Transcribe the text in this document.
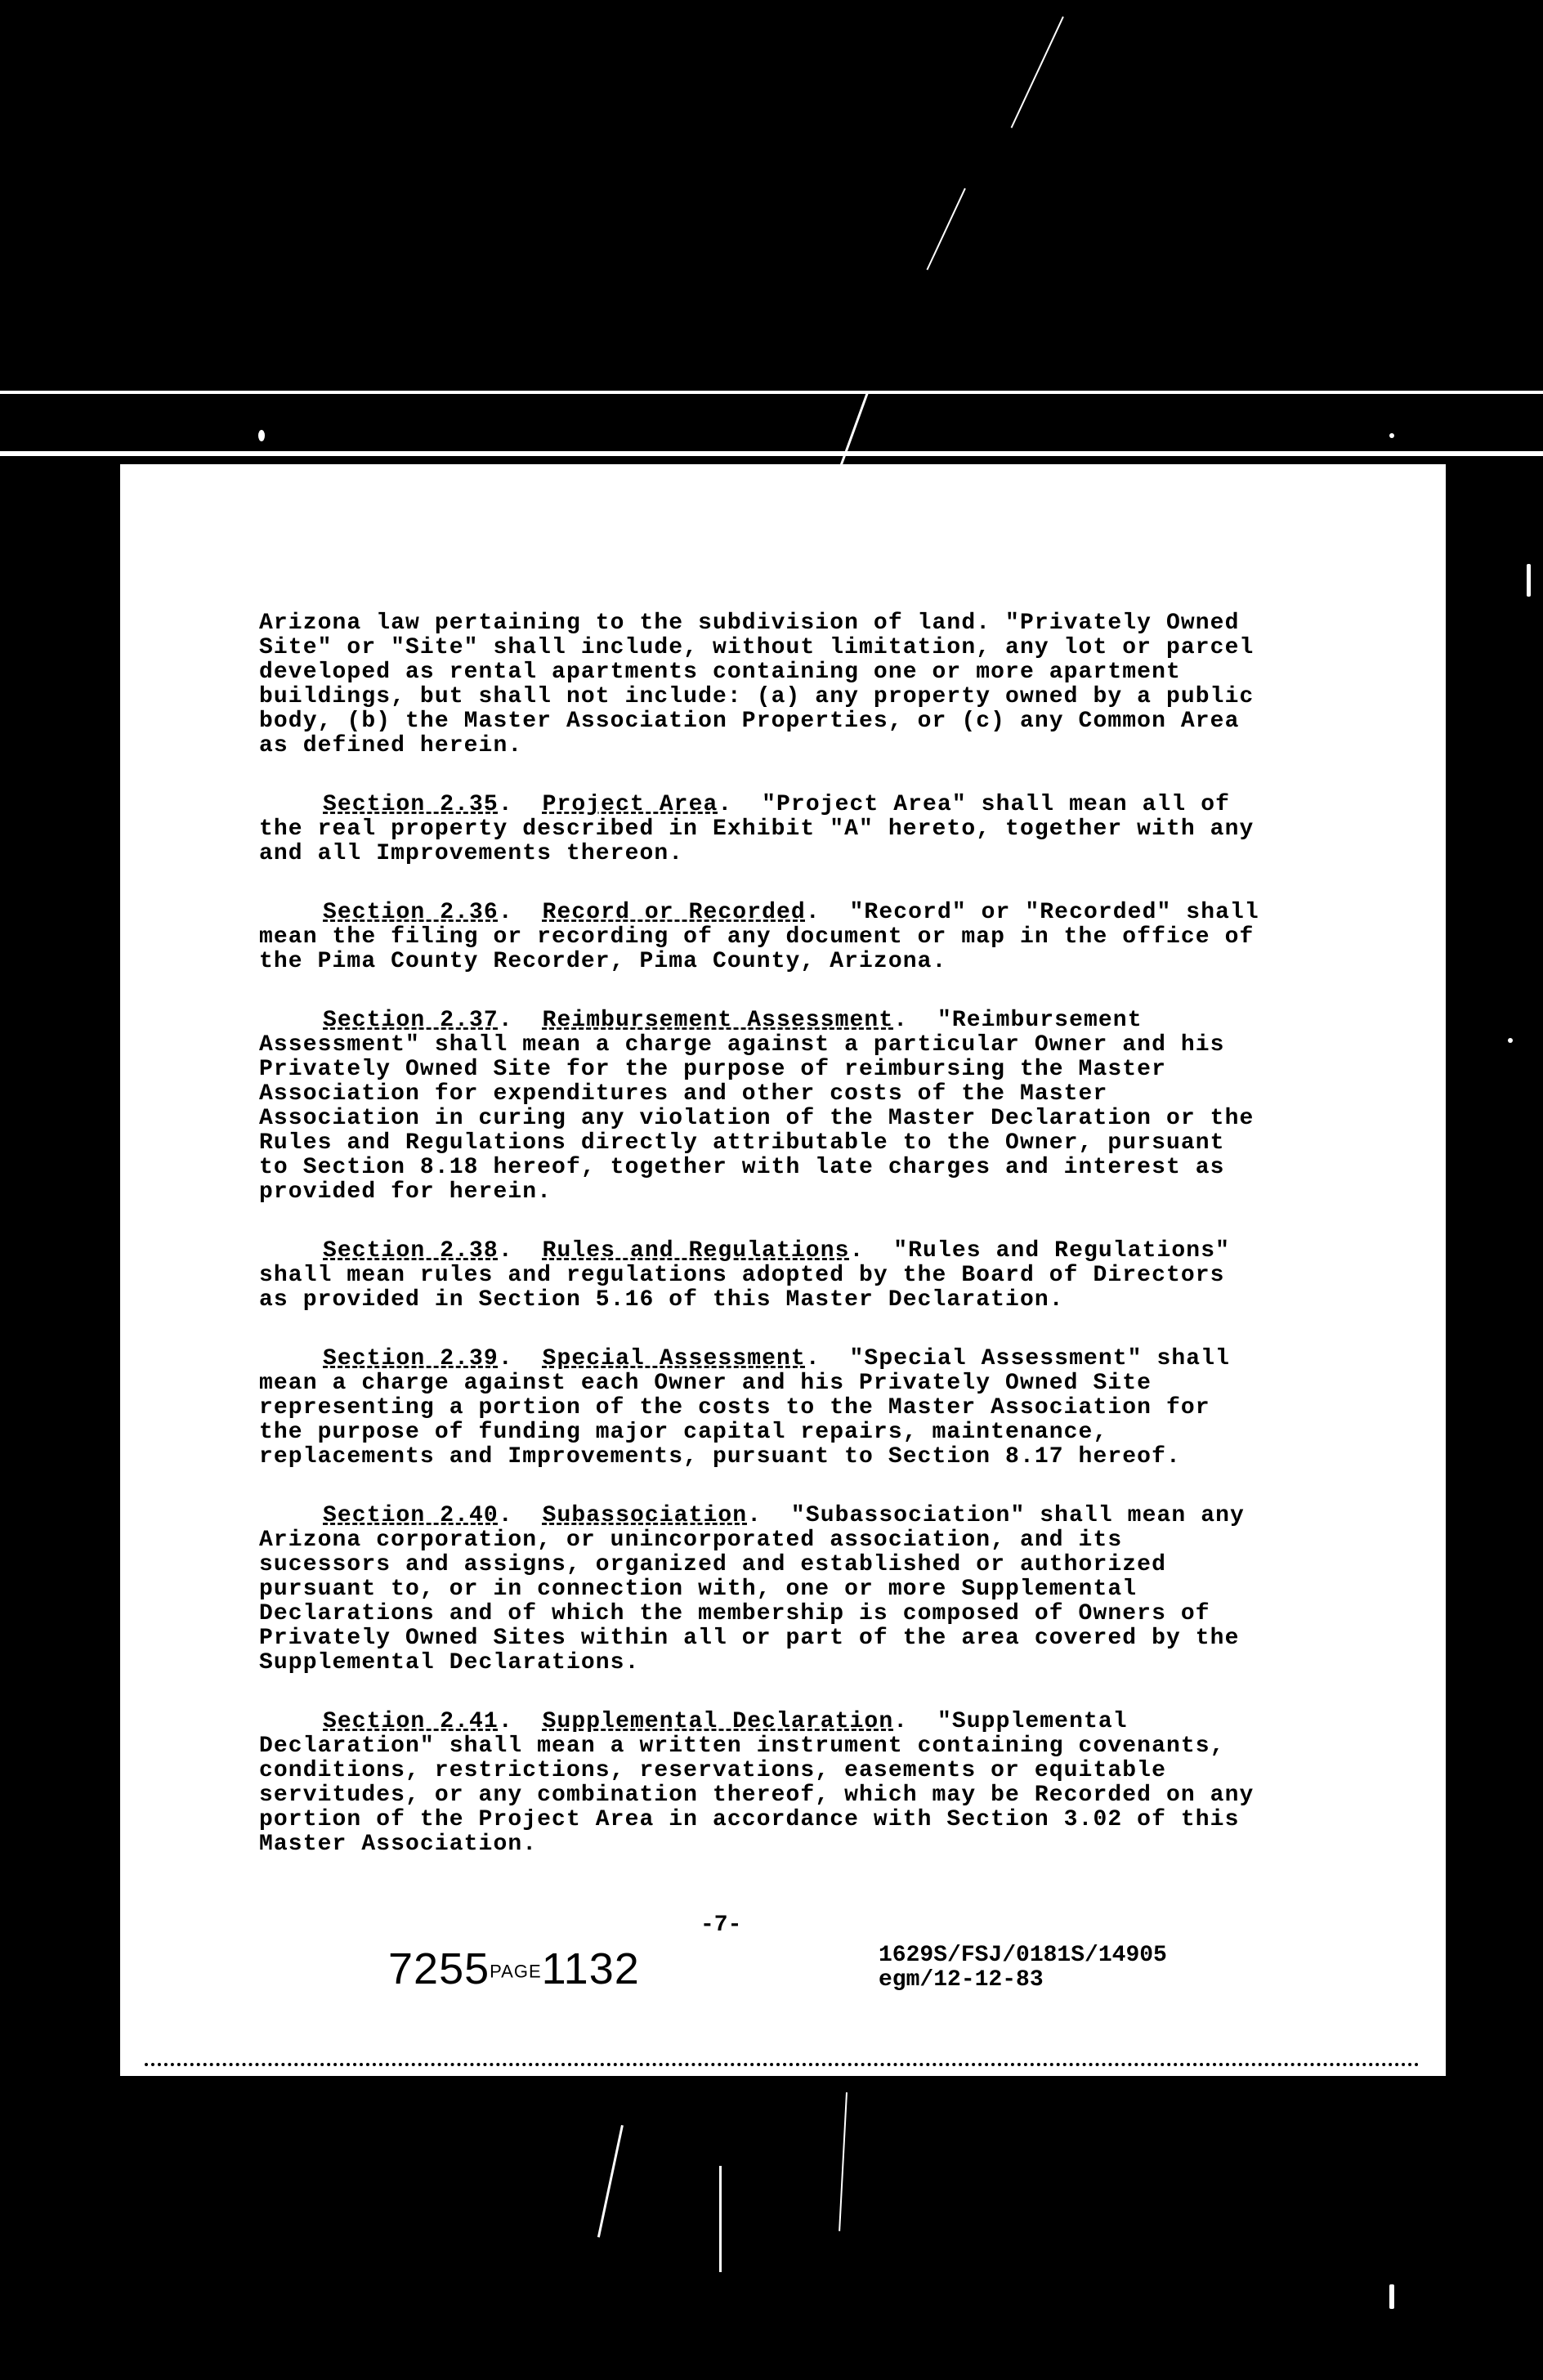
Arizona law pertaining to the subdivision of land. "Privately Owned Site" or "Site" shall include, without limitation, any lot or parcel developed as rental apartments containing one or more apartment buildings, but shall not include: (a) any property owned by a public body, (b) the Master Association Properties, or (c) any Common Area as defined herein.

Section 2.35.  Project Area.  "Project Area" shall mean all of the real property described in Exhibit "A" hereto, together with any and all Improvements thereon.

Section 2.36.  Record or Recorded.  "Record" or "Recorded" shall mean the filing or recording of any document or map in the office of the Pima County Recorder, Pima County, Arizona.

Section 2.37.  Reimbursement Assessment.  "Reimbursement Assessment" shall mean a charge against a particular Owner and his Privately Owned Site for the purpose of reimbursing the Master Association for expenditures and other costs of the Master Association in curing any violation of the Master Declaration or the Rules and Regulations directly attributable to the Owner, pursuant to Section 8.18 hereof, together with late charges and interest as provided for herein.

Section 2.38.  Rules and Regulations.  "Rules and Regulations" shall mean rules and regulations adopted by the Board of Directors as provided in Section 5.16 of this Master Declaration.

Section 2.39.  Special Assessment.  "Special Assessment" shall mean a charge against each Owner and his Privately Owned Site representing a portion of the costs to the Master Association for the purpose of funding major capital repairs, maintenance, replacements and Improvements, pursuant to Section 8.17 hereof.

Section 2.40.  Subassociation.  "Subassociation" shall mean any Arizona corporation, or unincorporated association, and its sucessors and assigns, organized and established or authorized pursuant to, or in connection with, one or more Supplemental Declarations and of which the membership is composed of Owners of Privately Owned Sites within all or part of the area covered by the Supplemental Declarations.

Section 2.41.  Supplemental Declaration.  "Supplemental Declaration" shall mean a written instrument containing covenants, conditions, restrictions, reservations, easements or equitable servitudes, or any combination thereof, which may be Recorded on any portion of the Project Area in accordance with Section 3.02 of this Master Association.

-7-
7255PAGE1132	1629S/FSJ/0181S/14905
egm/12-12-83
